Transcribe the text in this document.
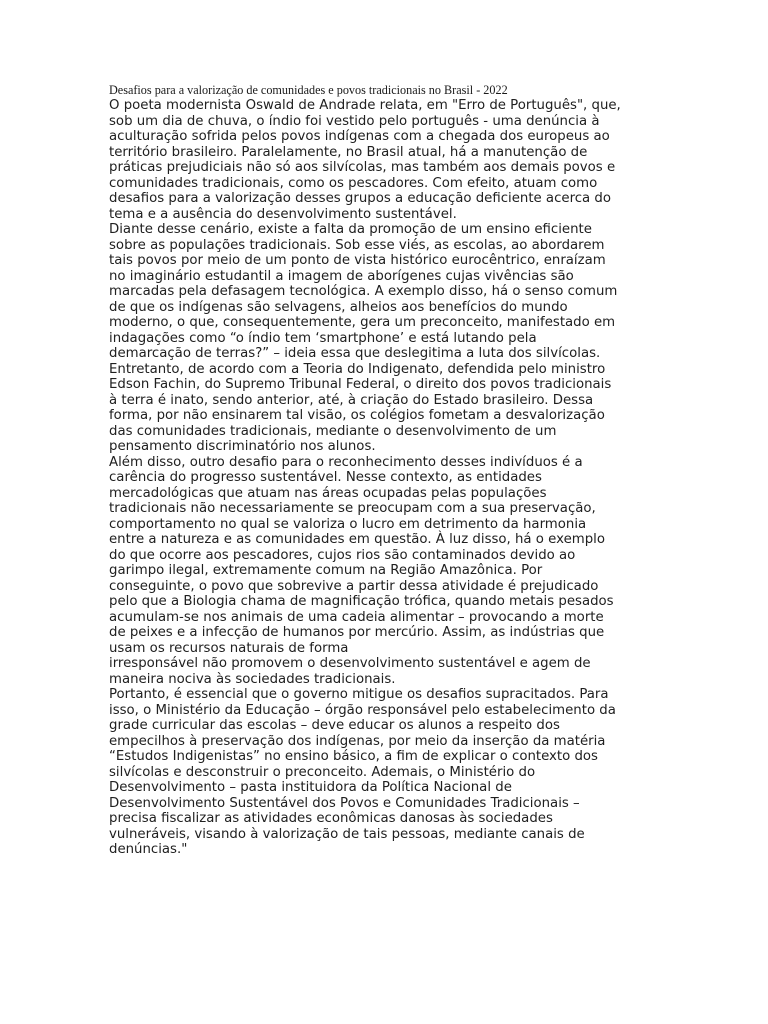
Desafios para a valorização de comunidades e povos tradicionais no Brasil - 2022

O poeta modernista Oswald de Andrade relata, em "Erro de Português", que,
sob um dia de chuva, o índio foi vestido pelo português - uma denúncia à
aculturação sofrida pelos povos indígenas com a chegada dos europeus ao
território brasileiro. Paralelamente, no Brasil atual, há a manutenção de
práticas prejudiciais não só aos silvícolas, mas também aos demais povos e
comunidades tradicionais, como os pescadores. Com efeito, atuam como
desafios para a valorização desses grupos a educação deficiente acerca do
tema e a ausência do desenvolvimento sustentável.

Diante desse cenário, existe a falta da promoção de um ensino eficiente
sobre as populações tradicionais. Sob esse viés, as escolas, ao abordarem
tais povos por meio de um ponto de vista histórico eurocêntrico, enraízam
no imaginário estudantil a imagem de aborígenes cujas vivências são
marcadas pela defasagem tecnológica. A exemplo disso, há o senso comum
de que os indígenas são selvagens, alheios aos benefícios do mundo
moderno, o que, consequentemente, gera um preconceito, manifestado em
indagações como “o índio tem ‘smartphone’ e está lutando pela
demarcação de terras?” – ideia essa que deslegitima a luta dos silvícolas.
Entretanto, de acordo com a Teoria do Indigenato, defendida pelo ministro
Edson Fachin, do Supremo Tribunal Federal, o direito dos povos tradicionais
à terra é inato, sendo anterior, até, à criação do Estado brasileiro. Dessa
forma, por não ensinarem tal visão, os colégios fometam a desvalorização
das comunidades tradicionais, mediante o desenvolvimento de um
pensamento discriminatório nos alunos.

Além disso, outro desafio para o reconhecimento desses indivíduos é a
carência do progresso sustentável. Nesse contexto, as entidades
mercadológicas que atuam nas áreas ocupadas pelas populações
tradicionais não necessariamente se preocupam com a sua preservação,
comportamento no qual se valoriza o lucro em detrimento da harmonia
entre a natureza e as comunidades em questão. À luz disso, há o exemplo
do que ocorre aos pescadores, cujos rios são contaminados devido ao
garimpo ilegal, extremamente comum na Região Amazônica. Por
conseguinte, o povo que sobrevive a partir dessa atividade é prejudicado
pelo que a Biologia chama de magnificação trófica, quando metais pesados
acumulam-se nos animais de uma cadeia alimentar – provocando a morte
de peixes e a infecção de humanos por mercúrio. Assim, as indústrias que
usam os recursos naturais de forma
irresponsável não promovem o desenvolvimento sustentável e agem de
maneira nociva às sociedades tradicionais.

Portanto, é essencial que o governo mitigue os desafios supracitados. Para
isso, o Ministério da Educação – órgão responsável pelo estabelecimento da
grade curricular das escolas – deve educar os alunos a respeito dos
empecilhos à preservação dos indígenas, por meio da inserção da matéria
“Estudos Indigenistas” no ensino básico, a fim de explicar o contexto dos
silvícolas e desconstruir o preconceito. Ademais, o Ministério do
Desenvolvimento – pasta instituidora da Política Nacional de
Desenvolvimento Sustentável dos Povos e Comunidades Tradicionais –
precisa fiscalizar as atividades econômicas danosas às sociedades
vulneráveis, visando à valorização de tais pessoas, mediante canais de
denúncias."
